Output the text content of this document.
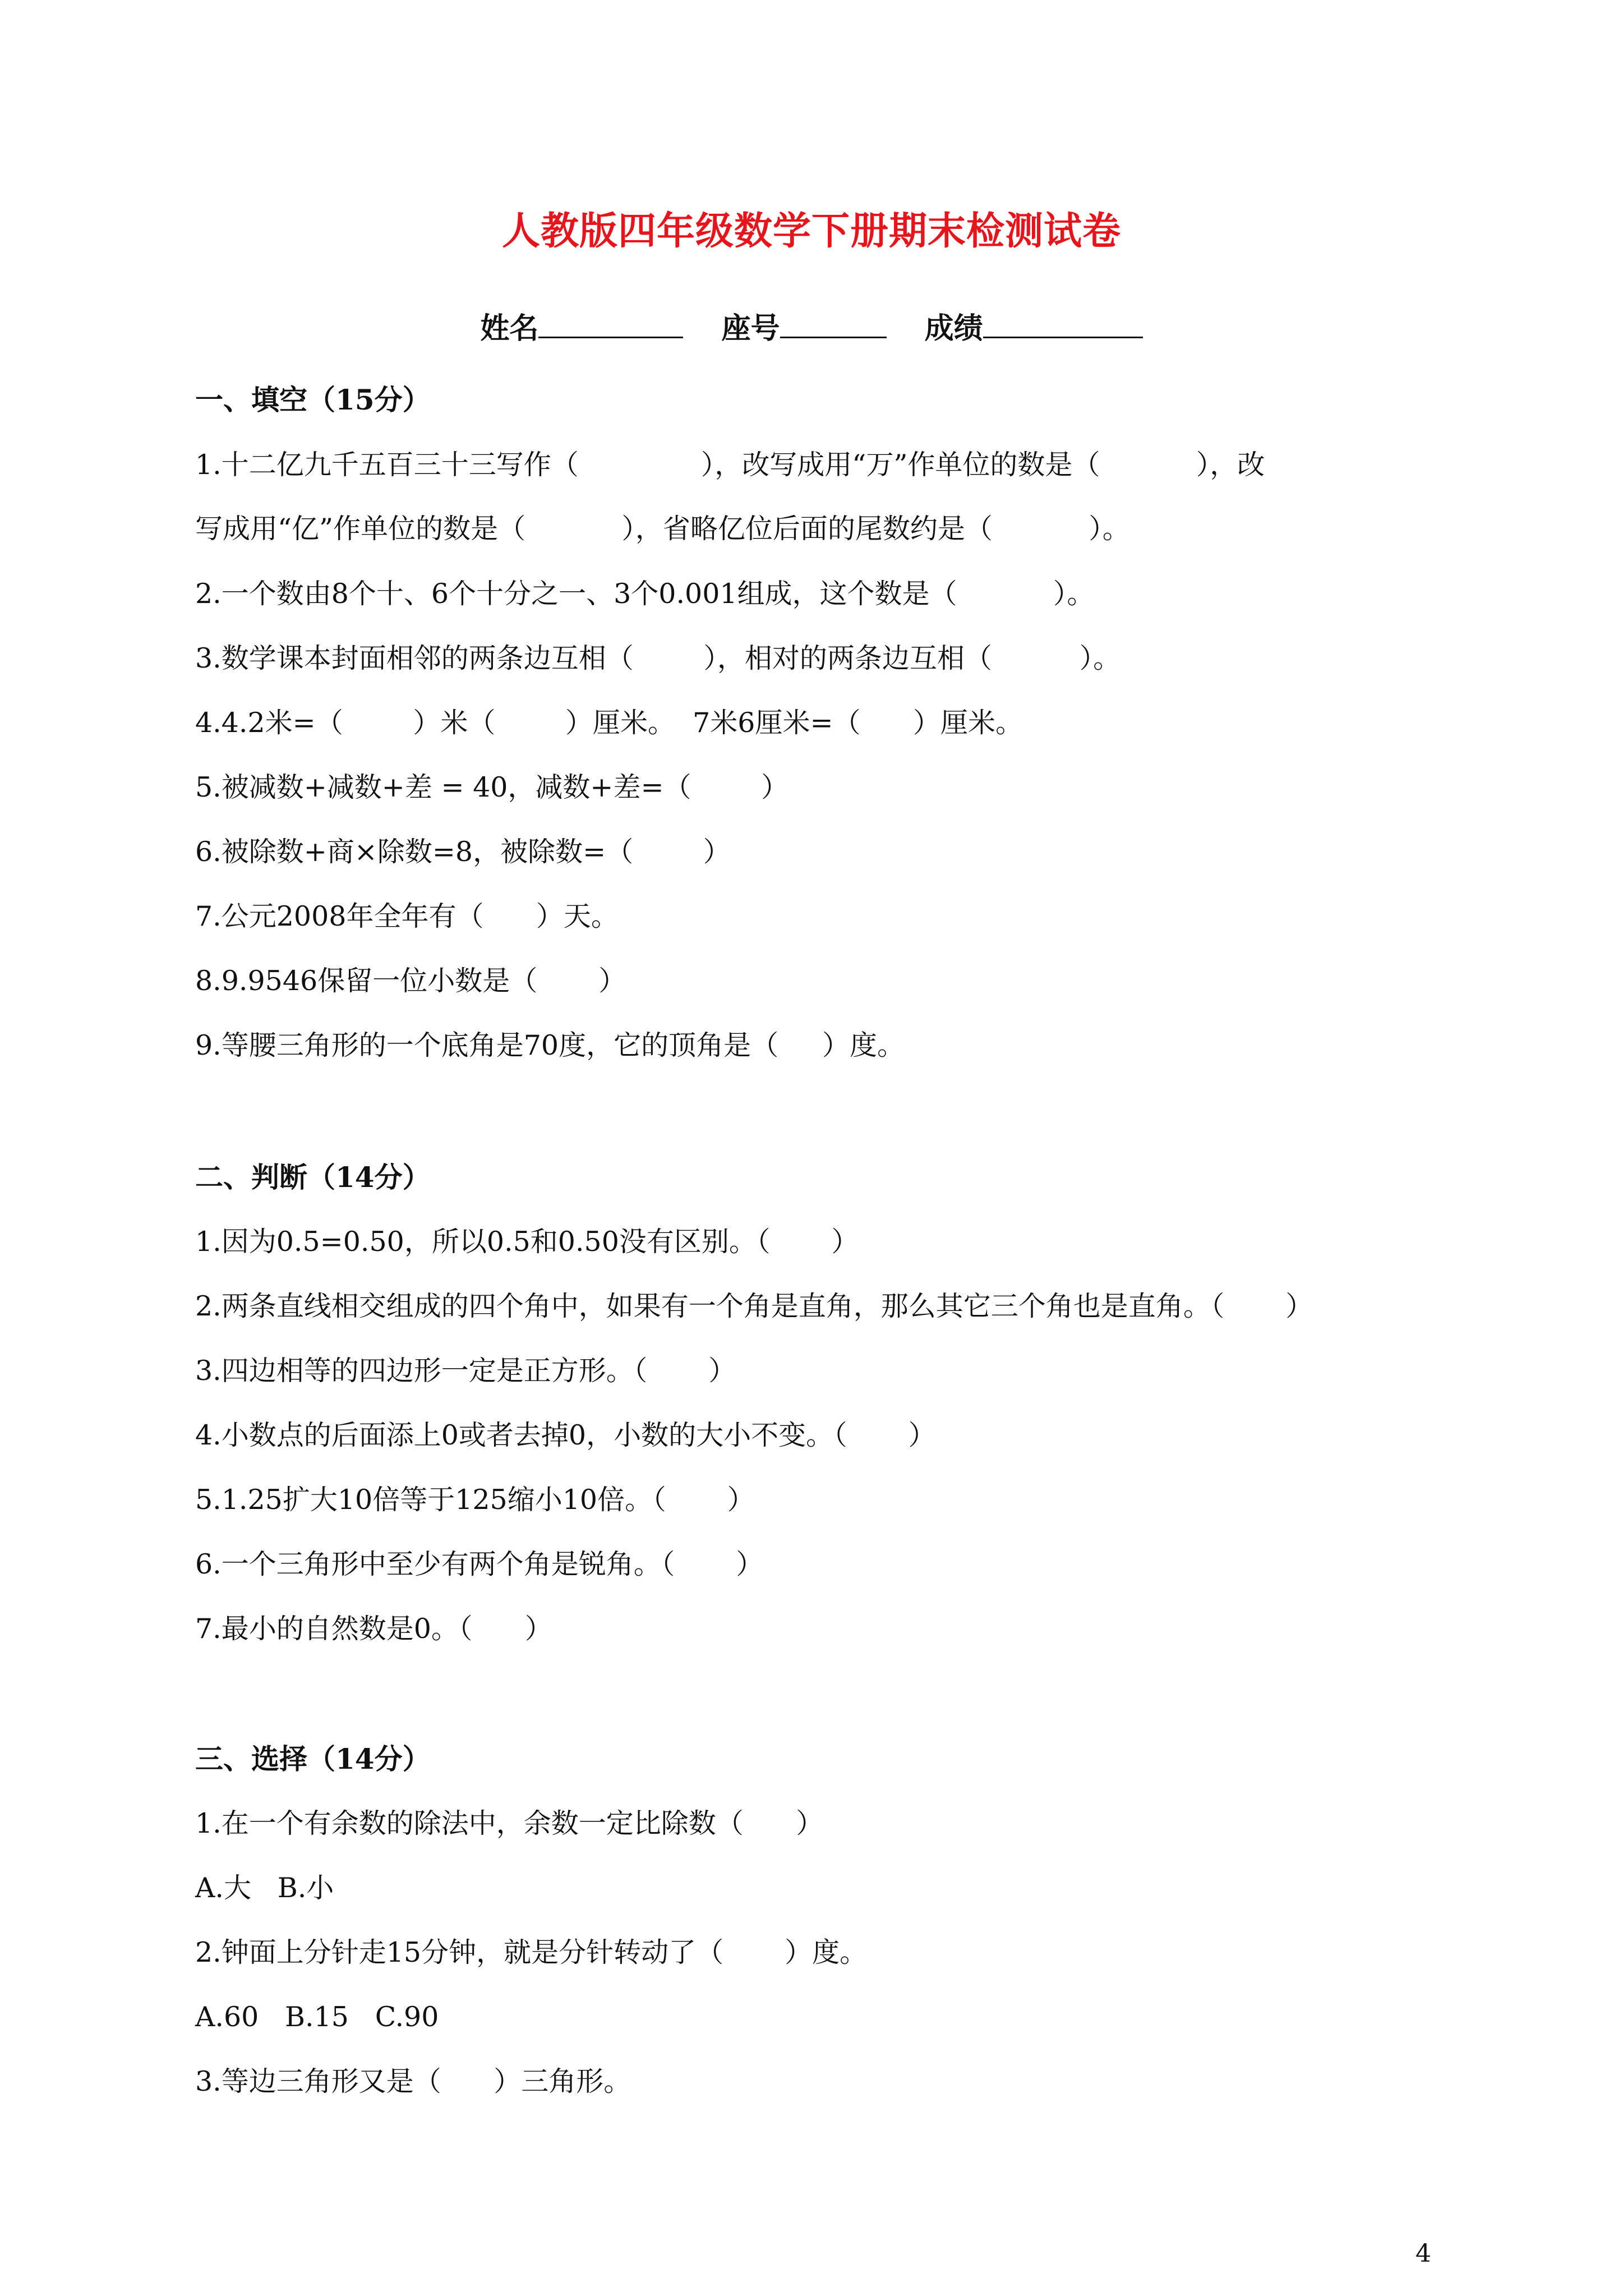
人教版四年级数学下册期末检测试卷
姓名	座号	成绩
一、填空（15分）
1.十二亿九千五百三十三写作（              ），改写成用“万”作单位的数是（           ），改
写成用“亿”作单位的数是（           ），省略亿位后面的尾数约是（           ）。
2.一个数由8个十、6个十分之一、3个0.001组成，这个数是（           ）。
3.数学课本封面相邻的两条边互相（        ），相对的两条边互相（          ）。
4.4.2米=（        ）米（        ）厘米。  7米6厘米=（      ）厘米。
5.被减数+减数+差 = 40，减数+差=（        ）
6.被除数+商×除数=8，被除数=（        ）
7.公元2008年全年有（      ）天。
8.9.9546保留一位小数是（       ）
9.等腰三角形的一个底角是70度，它的顶角是（     ）度。
二、判断（14分）
1.因为0.5=0.50，所以0.5和0.50没有区别。（       ）
2.两条直线相交组成的四个角中，如果有一个角是直角，那么其它三个角也是直角。（       ）
3.四边相等的四边形一定是正方形。（       ）
4.小数点的后面添上0或者去掉0，小数的大小不变。（       ）
5.1.25扩大10倍等于125缩小10倍。（       ）
6.一个三角形中至少有两个角是锐角。（       ）
7.最小的自然数是0。（      ）
三、选择（14分）
1.在一个有余数的除法中，余数一定比除数（      ）
A.大   B.小
2.钟面上分针走15分钟，就是分针转动了（       ）度。
A.60   B.15   C.90
3.等边三角形又是（      ）三角形。
4
